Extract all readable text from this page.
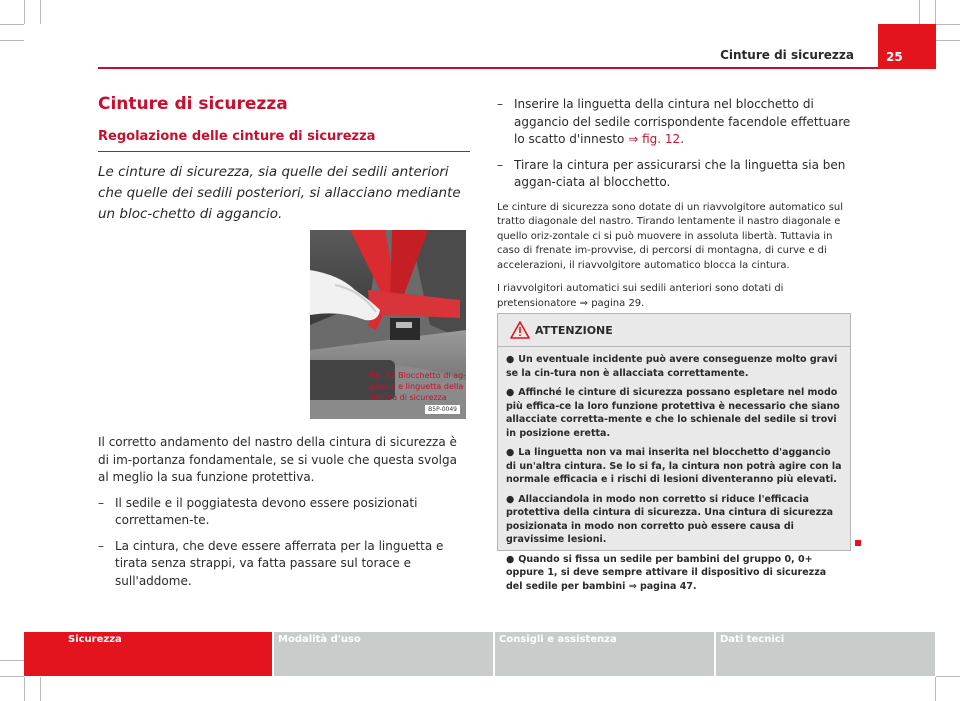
Cinture di sicurezza	25
Cinture di sicurezza
Regolazione delle cinture di sicurezza

Le cinture di sicurezza, sia quelle dei sedili anteriori che quelle dei sedili posteriori, si allacciano mediante un bloc-chetto di aggancio.

B5P-0049
Fig. 12 Blocchetto di ag-gancio e linguetta della cintura di sicurezza

Il corretto andamento del nastro della cintura di sicurezza è di im-portanza fondamentale, se si vuole che questa svolga al meglio la sua funzione protettiva.

– Il sedile e il poggiatesta devono essere posizionati correttamen-te.
– La cintura, che deve essere afferrata per la linguetta e tirata senza strappi, va fatta passare sul torace e sull'addome.
– Inserire la linguetta della cintura nel blocchetto di aggancio del sedile corrispondente facendole effettuare lo scatto d'innesto ⇒ fig. 12.
– Tirare la cintura per assicurarsi che la linguetta sia ben aggan-ciata al blocchetto.

Le cinture di sicurezza sono dotate di un riavvolgitore automatico sul tratto diagonale del nastro. Tirando lentamente il nastro diagonale e quello oriz-zontale ci si può muovere in assoluta libertà. Tuttavia in caso di frenate im-provvise, di percorsi di montagna, di curve e di accelerazioni, il riavvolgitore automatico blocca la cintura.

I riavvolgitori automatici sui sedili anteriori sono dotati di pretensionatore ⇒ pagina 29.

ATTENZIONE

● Un eventuale incidente può avere conseguenze molto gravi se la cin-tura non è allacciata correttamente.

● Affinché le cinture di sicurezza possano espletare nel modo più effica-ce la loro funzione protettiva è necessario che siano allacciate corretta-mente e che lo schienale del sedile si trovi in posizione eretta.

● La linguetta non va mai inserita nel blocchetto d'aggancio di un'altra cintura. Se lo si fa, la cintura non potrà agire con la normale efficacia e i rischi di lesioni diventeranno più elevati.

● Allacciandola in modo non corretto si riduce l'efficacia protettiva della cintura di sicurezza. Una cintura di sicurezza posizionata in modo non corretto può essere causa di gravissime lesioni.

● Quando si fissa un sedile per bambini del gruppo 0, 0+ oppure 1, si deve sempre attivare il dispositivo di sicurezza del sedile per bambini ⇒ pagina 47.

Sicurezza	Modalità d'uso	Consigli e assistenza	Dati tecnici
